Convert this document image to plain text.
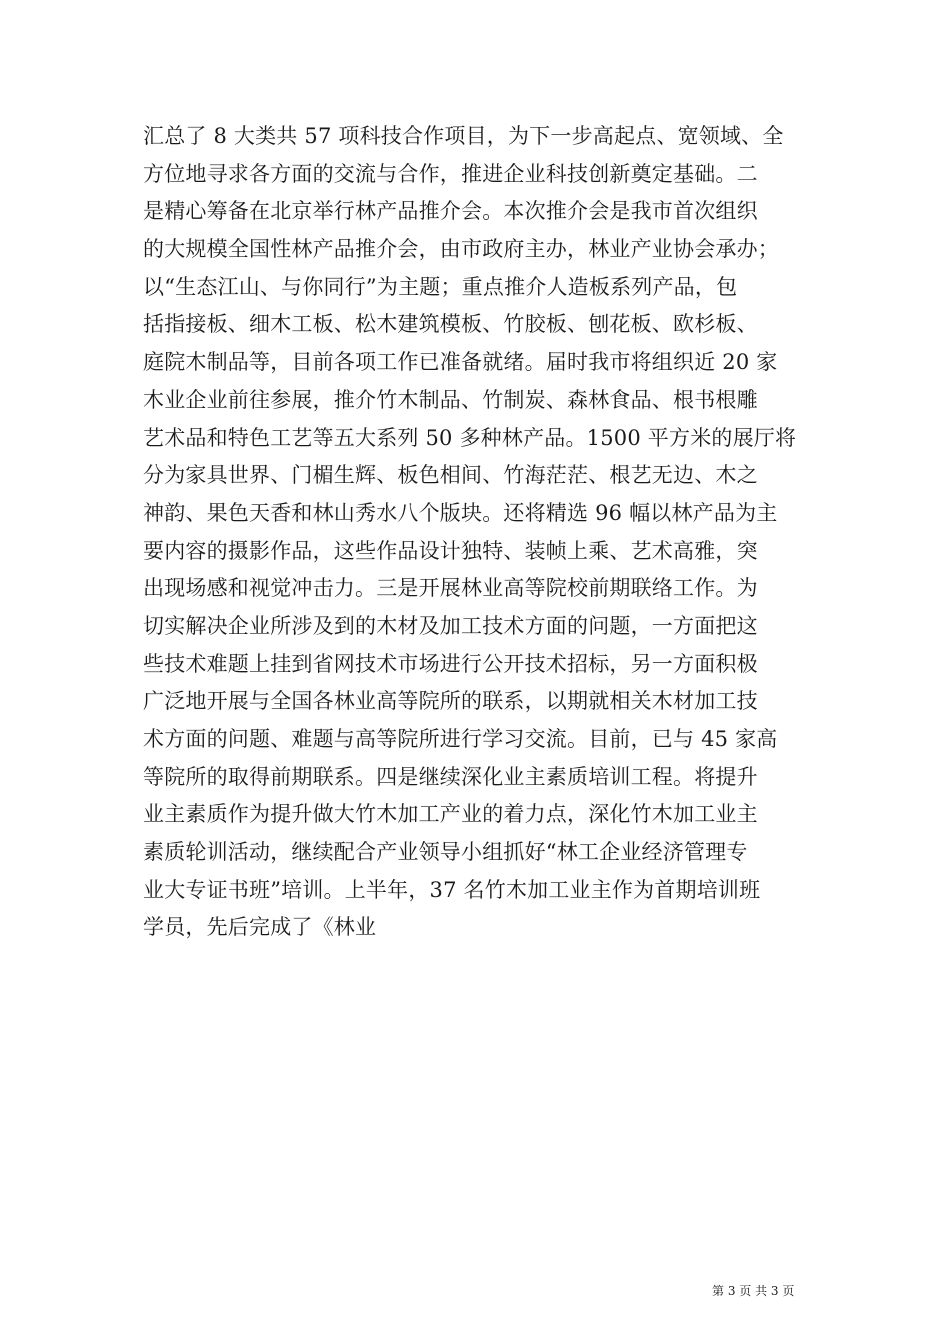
汇总了 8 大类共 57 项科技合作项目，为下一步高起点、宽领域、全
方位地寻求各方面的交流与合作，推进企业科技创新奠定基础。二
是精心筹备在北京举行林产品推介会。本次推介会是我市首次组织
的大规模全国性林产品推介会，由市政府主办，林业产业协会承办；
以“生态江山、与你同行”为主题；重点推介人造板系列产品，包
括指接板、细木工板、松木建筑模板、竹胶板、刨花板、欧杉板、
庭院木制品等，目前各项工作已准备就绪。届时我市将组织近 20 家
木业企业前往参展，推介竹木制品、竹制炭、森林食品、根书根雕
艺术品和特色工艺等五大系列 50 多种林产品。1500 平方米的展厅将
分为家具世界、门楣生辉、板色相间、竹海茫茫、根艺无边、木之
神韵、果色天香和林山秀水八个版块。还将精选 96 幅以林产品为主
要内容的摄影作品，这些作品设计独特、装帧上乘、艺术高雅，突
出现场感和视觉冲击力。三是开展林业高等院校前期联络工作。为
切实解决企业所涉及到的木材及加工技术方面的问题，一方面把这
些技术难题上挂到省网技术市场进行公开技术招标，另一方面积极
广泛地开展与全国各林业高等院所的联系，以期就相关木材加工技
术方面的问题、难题与高等院所进行学习交流。目前，已与 45 家高
等院所的取得前期联系。四是继续深化业主素质培训工程。将提升
业主素质作为提升做大竹木加工产业的着力点，深化竹木加工业主
素质轮训活动，继续配合产业领导小组抓好“林工企业经济管理专
业大专证书班”培训。上半年，37 名竹木加工业主作为首期培训班
学员，先后完成了《林业
第 3 页 共 3 页
